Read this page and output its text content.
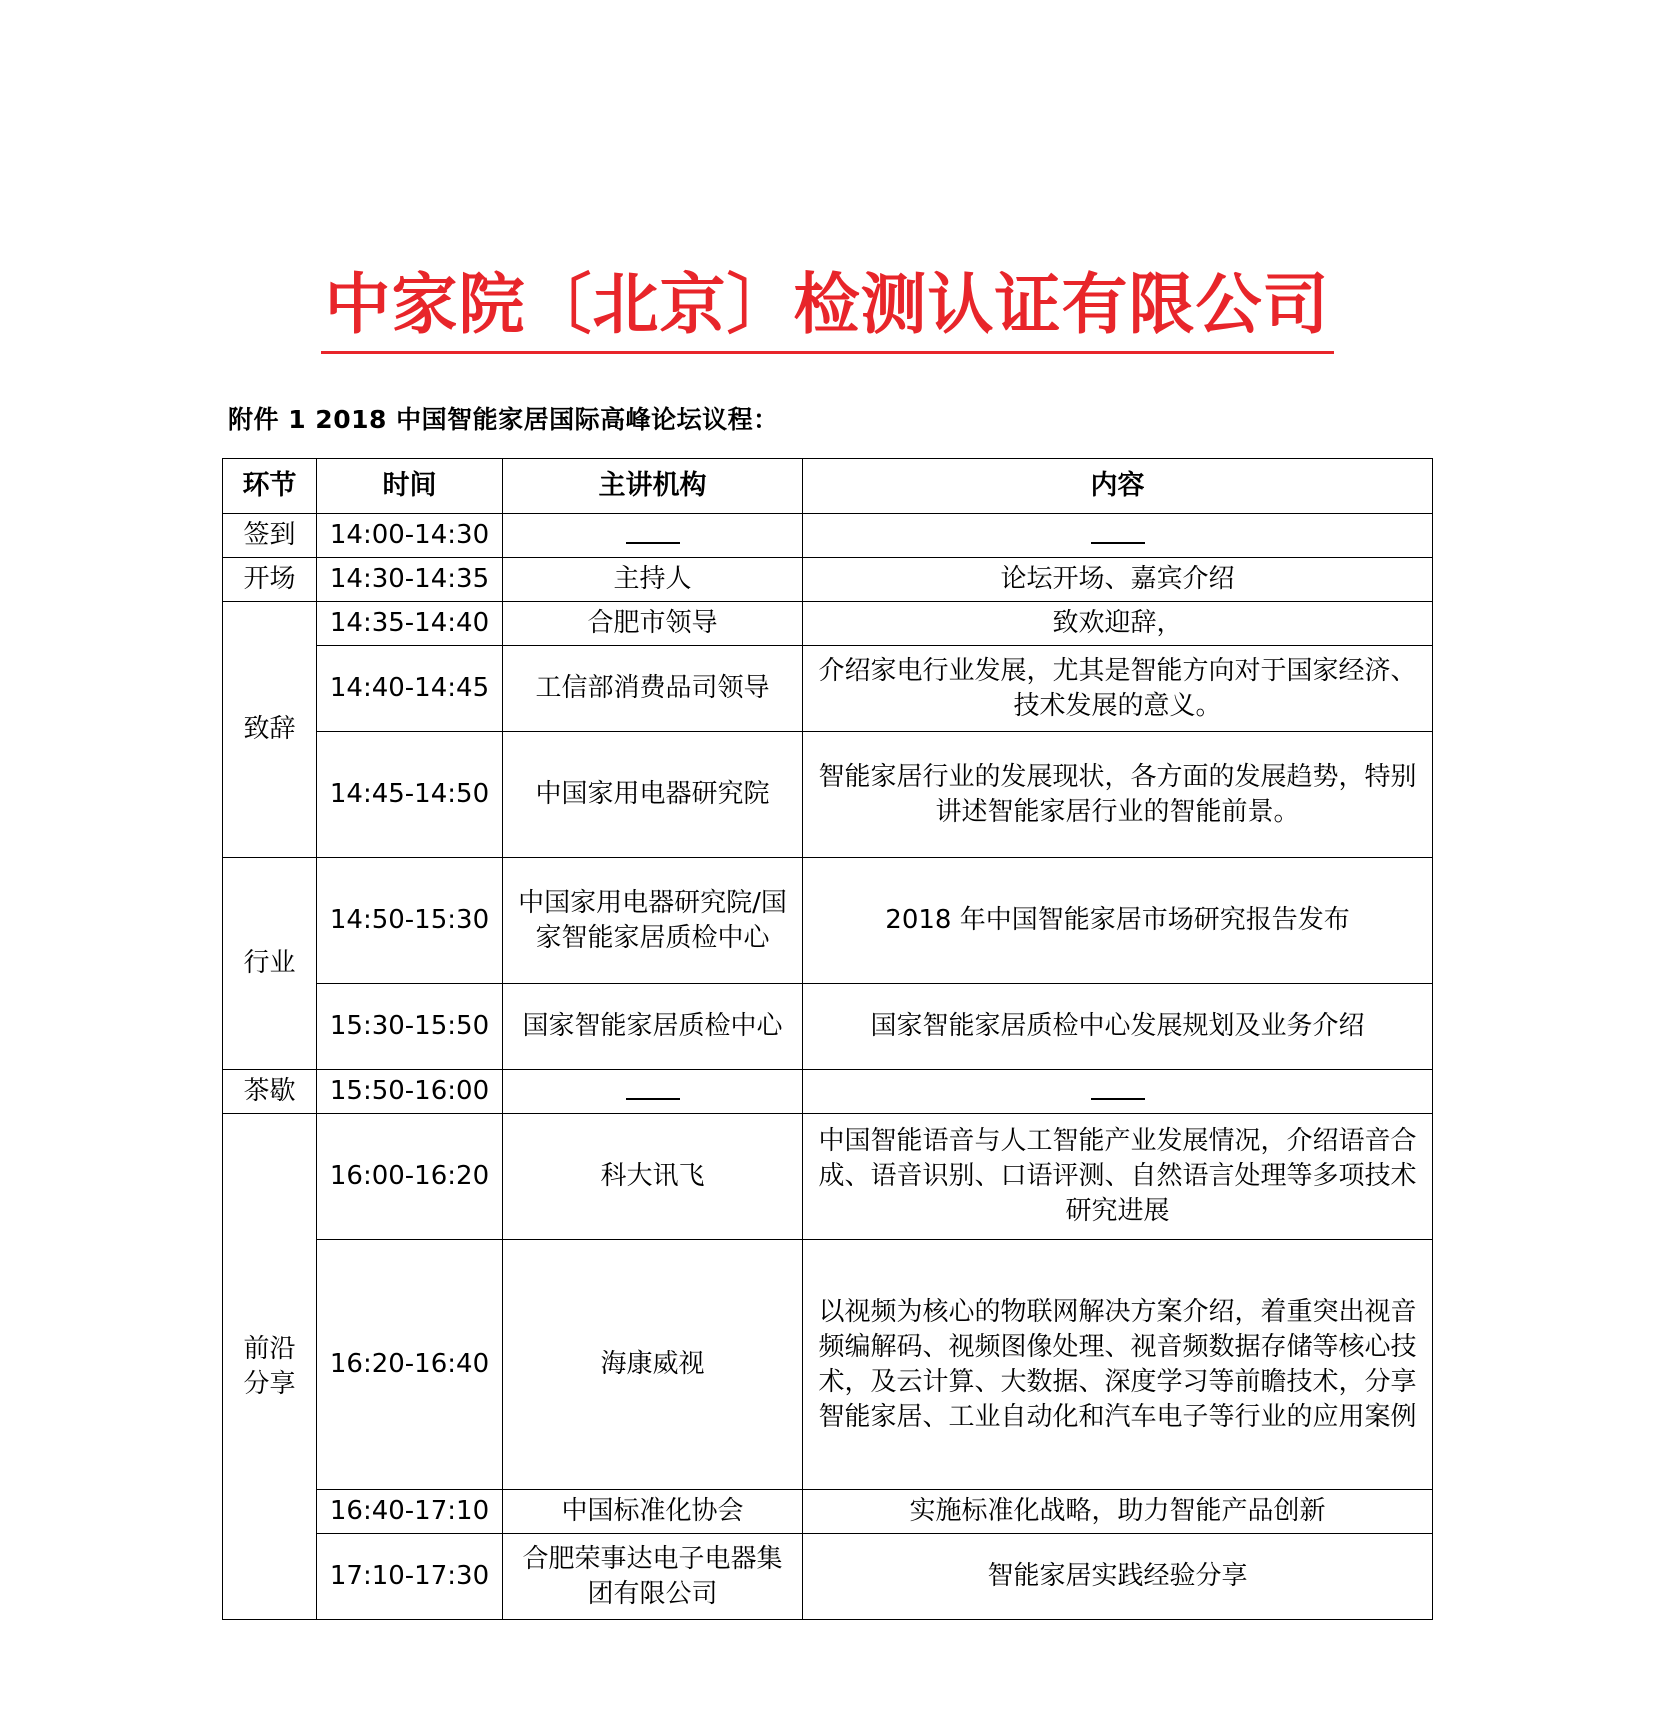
中家院〔北京〕检测认证有限公司
附件 1 2018 中国智能家居国际高峰论坛议程：
环节	时间	主讲机构	内容
签到	14:00-14:30		
开场	14:30-14:35	主持人	论坛开场、嘉宾介绍
致辞	14:35-14:40	合肥市领导	致欢迎辞，
	14:40-14:45	工信部消费品司领导	介绍家电行业发展，尤其是智能方向对于国家经济、技术发展的意义。
	14:45-14:50	中国家用电器研究院	智能家居行业的发展现状，各方面的发展趋势，特别讲述智能家居行业的智能前景。
行业	14:50-15:30	中国家用电器研究院/国家智能家居质检中心	2018 年中国智能家居市场研究报告发布
	15:30-15:50	国家智能家居质检中心	国家智能家居质检中心发展规划及业务介绍
茶歇	15:50-16:00		
前沿分享	16:00-16:20	科大讯飞	中国智能语音与人工智能产业发展情况，介绍语音合成、语音识别、口语评测、自然语言处理等多项技术研究进展
	16:20-16:40	海康威视	以视频为核心的物联网解决方案介绍，着重突出视音频编解码、视频图像处理、视音频数据存储等核心技术，及云计算、大数据、深度学习等前瞻技术，分享智能家居、工业自动化和汽车电子等行业的应用案例
	16:40-17:10	中国标准化协会	实施标准化战略，助力智能产品创新
	17:10-17:30	合肥荣事达电子电器集团有限公司	智能家居实践经验分享
